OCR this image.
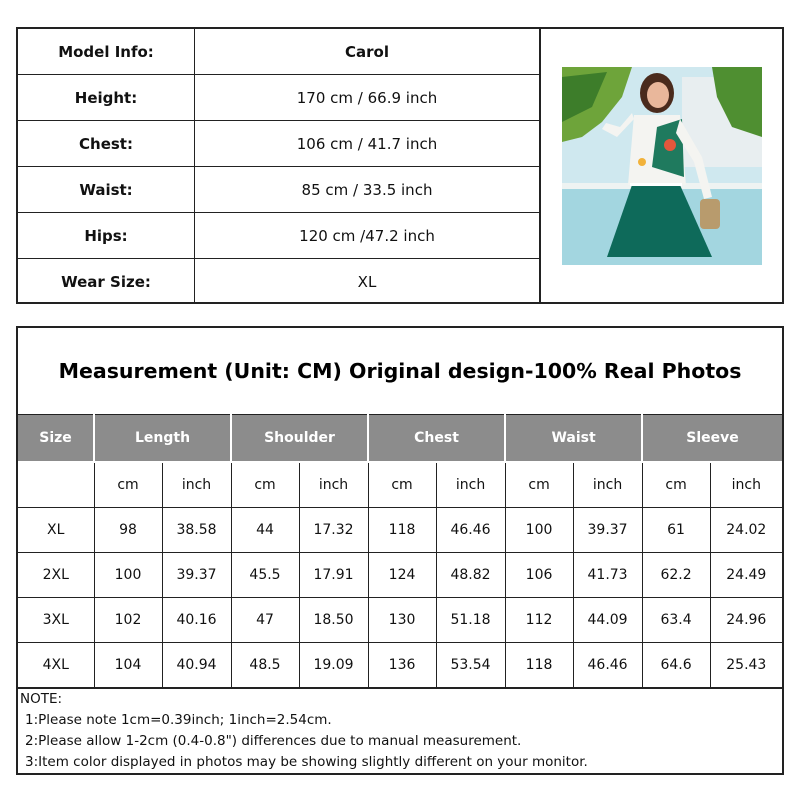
Model Info:	Carol
Height:	170 cm / 66.9 inch
Chest:	106 cm / 41.7 inch
Waist:	85 cm / 33.5 inch
Hips:	120 cm /47.2 inch
Wear Size:	XL
Measurement (Unit: CM) Original design-100% Real Photos
Size	Length		Shoulder		Chest		Waist		Sleeve	
	cm	inch	cm	inch	cm	inch	cm	inch	cm	inch
XL	98	38.58	44	17.32	118	46.46	100	39.37	61	24.02
2XL	100	39.37	45.5	17.91	124	48.82	106	41.73	62.2	24.49
3XL	102	40.16	47	18.50	130	51.18	112	44.09	63.4	24.96
4XL	104	40.94	48.5	19.09	136	53.54	118	46.46	64.6	25.43
NOTE:
1:Please note 1cm=0.39inch; 1inch=2.54cm.
2:Please allow 1-2cm (0.4-0.8") differences due to manual measurement.
3:Item color displayed in photos may be showing slightly different on your monitor.
